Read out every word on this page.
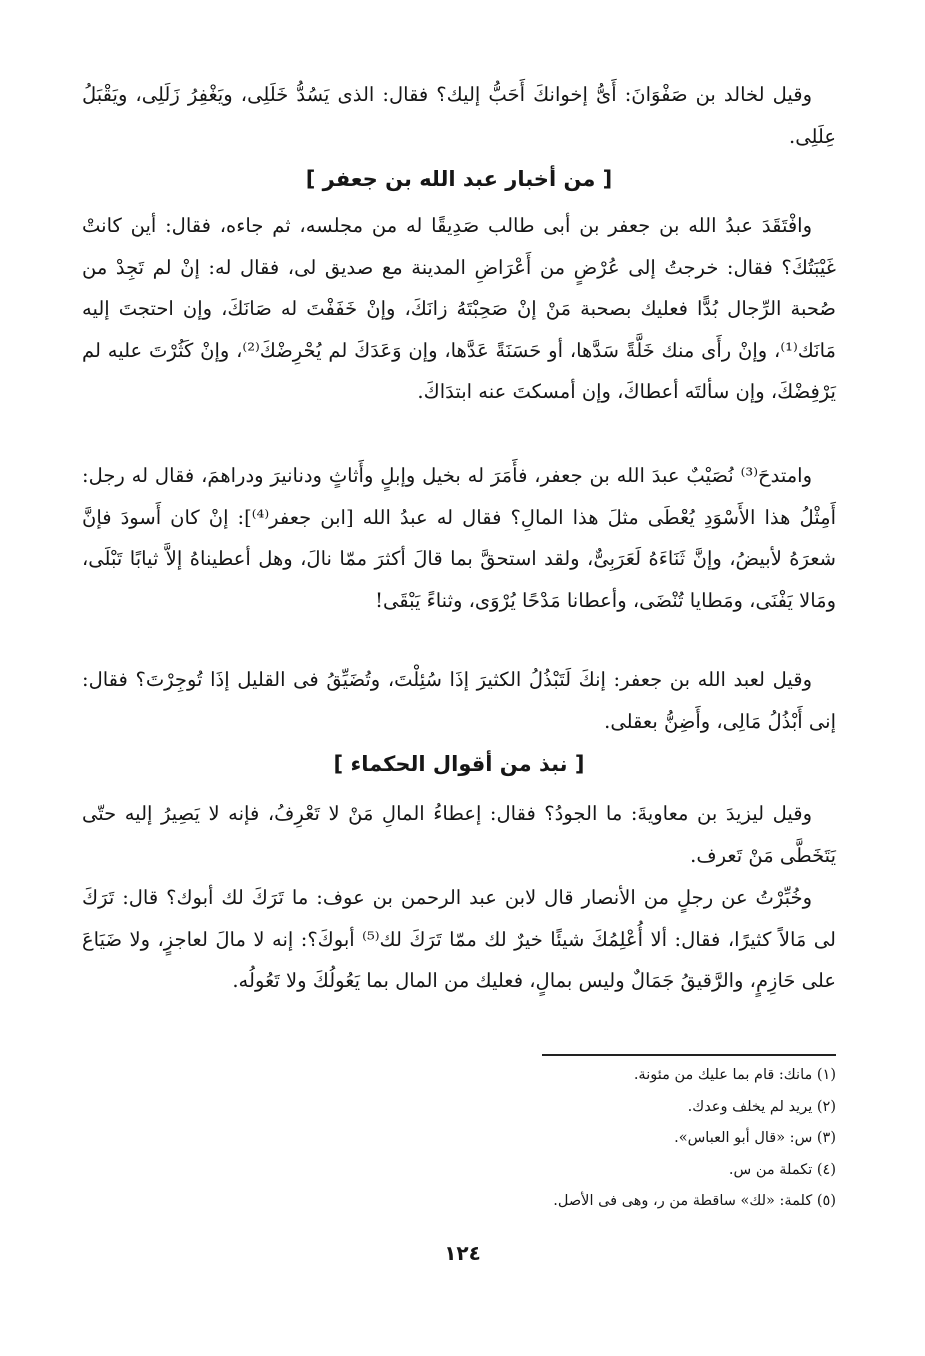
وقيل لخالد بن صَفْوَانَ: أَىُّ إخوانكَ أَحَبُّ إليك؟ فقال: الذى يَسُدُّ خَلَلِى، ويَغْفِرُ زَلَلِى، ويَقْبَلُ عِلَلِى.

[ من أخبار عبد الله بن جعفر ]

وافْتَقَدَ عبدُ الله بن جعفر بن أبى طالب صَدِيقًا له من مجلسه، ثم جاءه، فقال: أين كانتْ غَيْبَتُكَ؟ فقال: خرجتُ إلى عُرْضٍ من أَعْرَاضِ المدينة مع صديق لى، فقال له: إنْ لم تَجِدْ من صُحبة الرِّجال بُدًّا فعليك بصحبة مَنْ إنْ صَحِبْتَهُ زانَكَ، وإنْ خَفَفْتَ له صَانَكَ، وإن احتجتَ إليه مَانَك⁽¹⁾، وإنْ رأَى منك خَلَّةً سَدَّها، أو حَسَنَةً عَدَّها، وإن وَعَدَكَ لم يُحْرِضْكَ⁽²⁾، وإنْ كَثُرْتَ عليه لم يَرْفِضْكَ، وإن سألتَه أعطاكَ، وإن أمسكتَ عنه ابتدَاكَ.

وامتدحَ⁽³⁾ نُصَيْبٌ عبدَ الله بن جعفر، فأَمَرَ له بخيل وإبلٍ وأَثاثٍ ودنانيرَ ودراهمَ، فقال له رجل: أَمِثْلُ هذا الأَسْوَدِ يُعْطَى مثلَ هذا المالِ؟ فقال له عبدُ الله [ابن جعفر⁽⁴⁾]: إنْ كان أَسودَ فإنَّ شعرَهُ لأبيضُ، وإنَّ ثَنَاءَهُ لَعَرَبِىٌّ، ولقد استحقَّ بما قالَ أكثرَ ممّا نالَ، وهل أعطيناهُ إلاَّ ثيابًا تَبْلَى، ومَالا يَفْنَى، ومَطايا تُنْضَى، وأعطانا مَدْحًا يُرْوَى، وثناءً يَبْقَى!

وقيل لعبد الله بن جعفر: إنكَ لَتَبْذُلُ الكثيرَ إذَا سُئِلْتَ، وتُضَيِّقُ فى القليل إذَا تُوجِرْتَ؟ فقال: إنى أَبْذُلُ مَالِى، وأَضِنُّ بعقلى.

[ نبذ من أقوال الحكماء ]

وقيل ليزيدَ بن معاويةَ: ما الجودُ؟ فقال: إعطاءُ المالِ مَنْ لا تَعْرِفُ، فإنه لا يَصِيرُ إليه حتّى يَتَخَطَّى مَنْ تَعرف.

وخُبِّرْتُ عن رجلٍ من الأنصار قال لابن عبد الرحمن بن عوف: ما تَرَكَ لك أبوك؟ قال: تَرَكَ لى مَالاً كثيرًا، فقال: ألا أُعْلِمُكَ شيئًا خيرٌ لك ممّا تَرَكَ لك⁽⁵⁾ أبوكَ؟: إنه لا مالَ لعاجزٍ، ولا ضَيَاعَ على حَازِمٍ، والرَّقيقُ جَمَالٌ وليس بمالٍ، فعليك من المال بما يَعُولُكَ ولا تَعُولُه.

(١) مانك: قام بما عليك من مئونة.
(٢) يريد لم يخلف وعدك.
(٣) س: «قال أبو العباس».
(٤) تكملة من س.
(٥) كلمة: «لك» ساقطة من ر، وهى فى الأصل.
١٢٤
